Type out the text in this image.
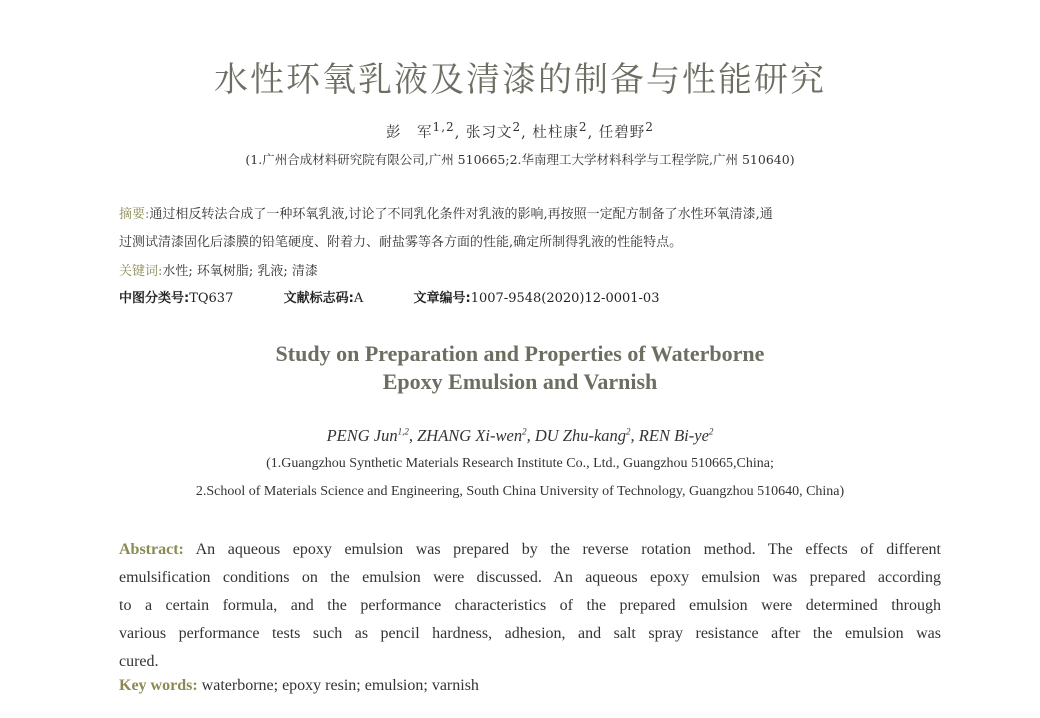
水性环氧乳液及清漆的制备与性能研究
彭　军$^{1,2}$, 张习文$^2$, 杜柱康$^2$, 任碧野$^2$
(1.广州合成材料研究院有限公司,广州 510665;2.华南理工大学材料科学与工程学院,广州 510640)
摘要:通过相反转法合成了一种环氧乳液,讨论了不同乳化条件对乳液的影响,再按照一定配方制备了水性环氧清漆,通
过测试清漆固化后漆膜的铅笔硬度、附着力、耐盐雾等各方面的性能,确定所制得乳液的性能特点。
关键词:水性; 环氧树脂; 乳液; 清漆
中图分类号:TQ637	文献标志码:A	文章编号:1007-9548(2020)12-0001-03
Study on Preparation and Properties of Waterborne
Epoxy Emulsion and Varnish
PENG Jun$^{1,2}$, ZHANG Xi-wen$^2$, DU Zhu-kang$^2$, REN $Bi-ye^2$
(1.Guangzhou Synthetic Materials Research Institute Co., Ltd., Guangzhou 510665,China;
2.School of Materials Science and Engineering, South China University of Technology, Guangzhou 510640, China)
Abstract: An aqueous epoxy emulsion was prepared by the reverse rotation method. The effects of different
emulsification conditions on the emulsion were discussed. An aqueous epoxy emulsion was prepared according
to a certain formula, and the performance characteristics of the prepared emulsion were determined through
various performance tests such as pencil hardness, adhesion, and salt spray resistance after the emulsion was
cured.
Key words: waterborne; epoxy resin; emulsion; varnish
